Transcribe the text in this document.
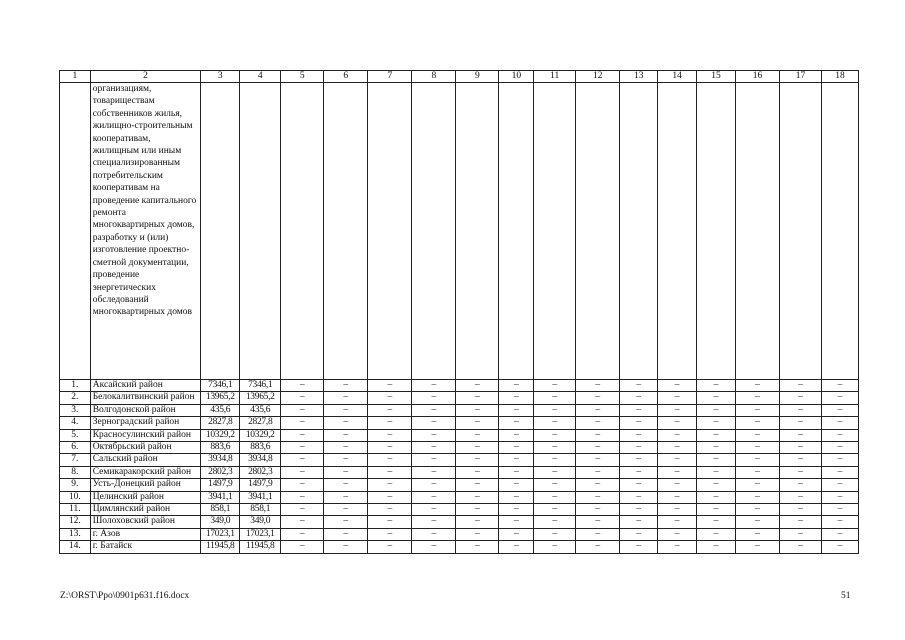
1	2	3	4	5	6	7	8	9	10	11	12	13	14	15	16	17	18

	организациям, товариществам собственников жилья, жилищно-строительным кооперативам, жилищным или иным специализированным потребительским кооперативам на проведение капитального ремонта многоквартирных домов, разработку и (или) изготовление проектно-сметной документации, проведение энергетических обследований многоквартирных домов																

1.	Аксайский район	7346,1	7346,1	–	–	–	–	–	–	–	–	–	–	–	–	–	–
2.	Белокалитвинский район	13965,2	13965,2	–	–	–	–	–	–	–	–	–	–	–	–	–	–
3.	Волгодонской район	435,6	435,6	–	–	–	–	–	–	–	–	–	–	–	–	–	–
4.	Зерноградский район	2827,8	2827,8	–	–	–	–	–	–	–	–	–	–	–	–	–	–
5.	Красносулинский район	10329,2	10329,2	–	–	–	–	–	–	–	–	–	–	–	–	–	–
6.	Октябрьский район	883,6	883,6	–	–	–	–	–	–	–	–	–	–	–	–	–	–
7.	Сальский район	3934,8	3934,8	–	–	–	–	–	–	–	–	–	–	–	–	–	–
8.	Семикаракорский район	2802,3	2802,3	–	–	–	–	–	–	–	–	–	–	–	–	–	–
9.	Усть-Донецкий район	1497,9	1497,9	–	–	–	–	–	–	–	–	–	–	–	–	–	–
10.	Целинский район	3941,1	3941,1	–	–	–	–	–	–	–	–	–	–	–	–	–	–
11.	Цимлянский район	858,1	858,1	–	–	–	–	–	–	–	–	–	–	–	–	–	–
12.	Шолоховский район	349,0	349,0	–	–	–	–	–	–	–	–	–	–	–	–	–	–
13.	г. Азов	17023,1	17023,1	–	–	–	–	–	–	–	–	–	–	–	–	–	–
14.	г. Батайск	11945,8	11945,8	–	–	–	–	–	–	–	–	–	–	–	–	–	–
Z:\ORST\Ppo\0901p631.f16.docx	51
